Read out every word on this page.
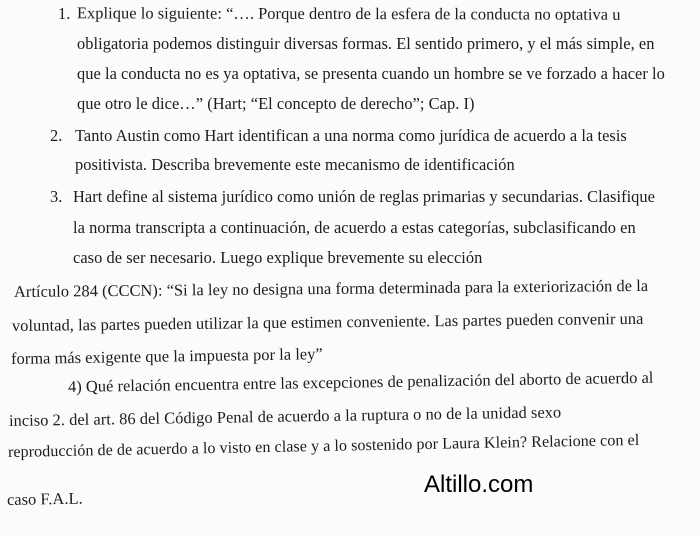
1. Explique lo siguiente: “…. Porque dentro de la esfera de la conducta no optativa u
obligatoria podemos distinguir diversas formas. El sentido primero, y el más simple, en
que la conducta no es ya optativa, se presenta cuando un hombre se ve forzado a hacer lo
que otro le dice…” (Hart; “El concepto de derecho”; Cap. I)
2. Tanto Austin como Hart identifican a una norma como jurídica de acuerdo a la tesis
positivista. Describa brevemente este mecanismo de identificación
3. Hart define al sistema jurídico como unión de reglas primarias y secundarias. Clasifique
la norma transcripta a continuación, de acuerdo a estas categorías, subclasificando en
caso de ser necesario. Luego explique brevemente su elección
Artículo 284 (CCCN): “Si la ley no designa una forma determinada para la exteriorización de la
voluntad, las partes pueden utilizar la que estimen conveniente. Las partes pueden convenir una
forma más exigente que la impuesta por la ley”
4) Qué relación encuentra entre las excepciones de penalización del aborto de acuerdo al
inciso 2. del art. 86 del Código Penal de acuerdo a la ruptura o no de la unidad sexo
reproducción de de acuerdo a lo visto en clase y a lo sostenido por Laura Klein? Relacione con el
caso F.A.L.
Altillo.com
